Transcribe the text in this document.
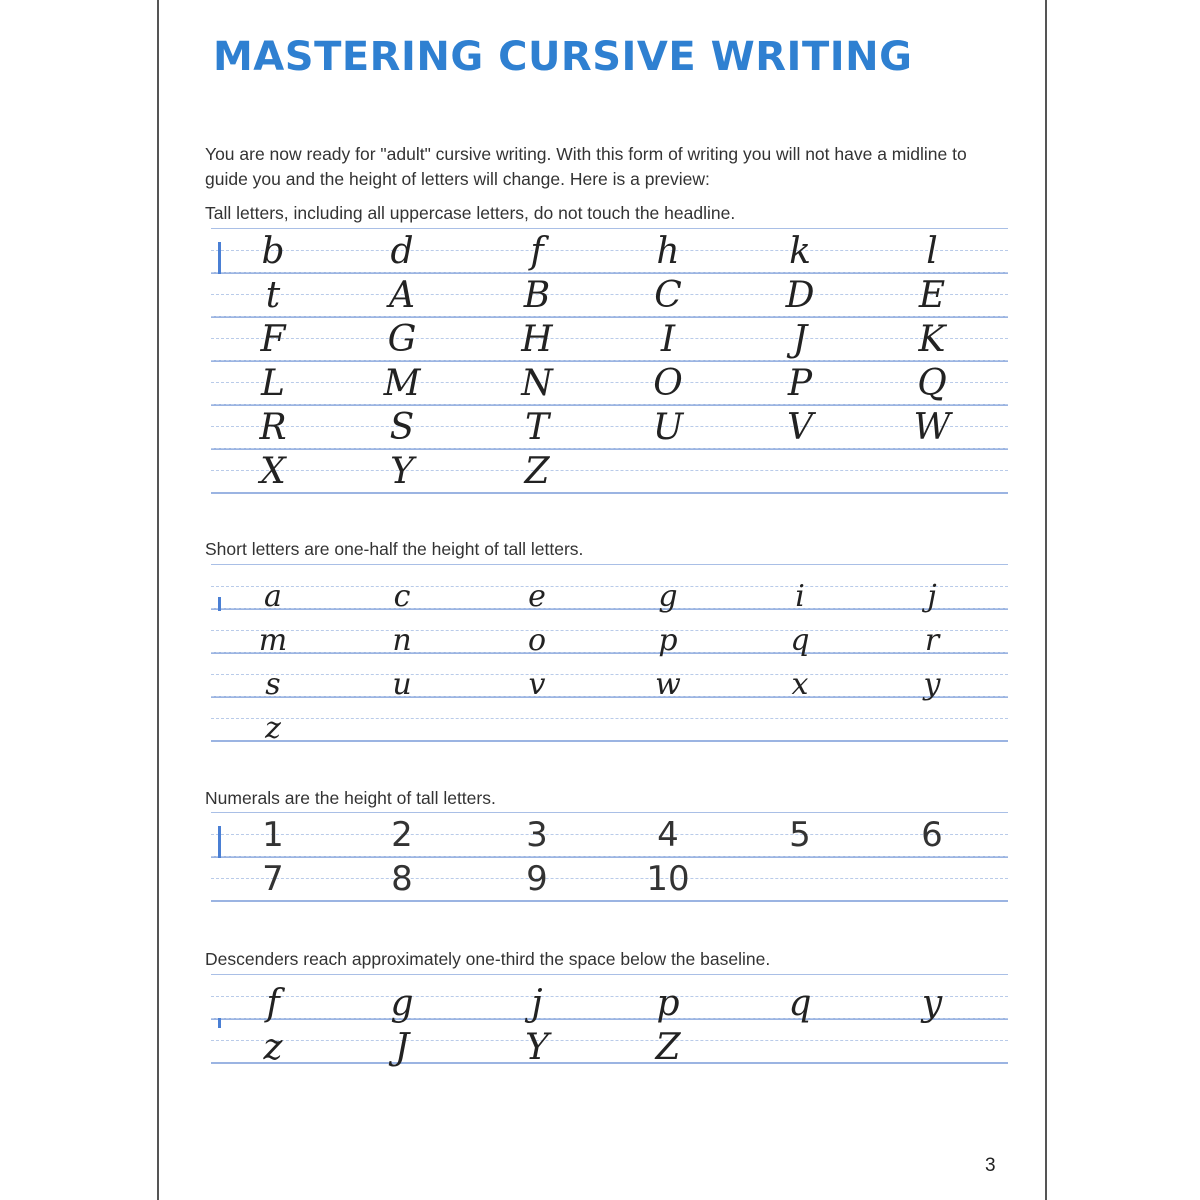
MASTERING CURSIVE WRITING

You are now ready for "adult" cursive writing. With this form of writing you will not have a midline to guide you and the height of letters will change. Here is a preview:

Tall letters, including all uppercase letters, do not touch the headline.

b	d	f	h	k	l
t	A	B	C	D	E
F	G	H	I	J	K
L	M	N	O	P	Q
R	S	T	U	V	W
X	Y	Z

Short letters are one-half the height of tall letters.

a	c	e	g	i	j
m	n	o	p	q	r
s	u	v	w	x	y
z

Numerals are the height of tall letters.

1	2	3	4	5	6
7	8	9	10

Descenders reach approximately one-third the space below the baseline.

f	g	j	p	q	y
z	J	Y	Z
3
